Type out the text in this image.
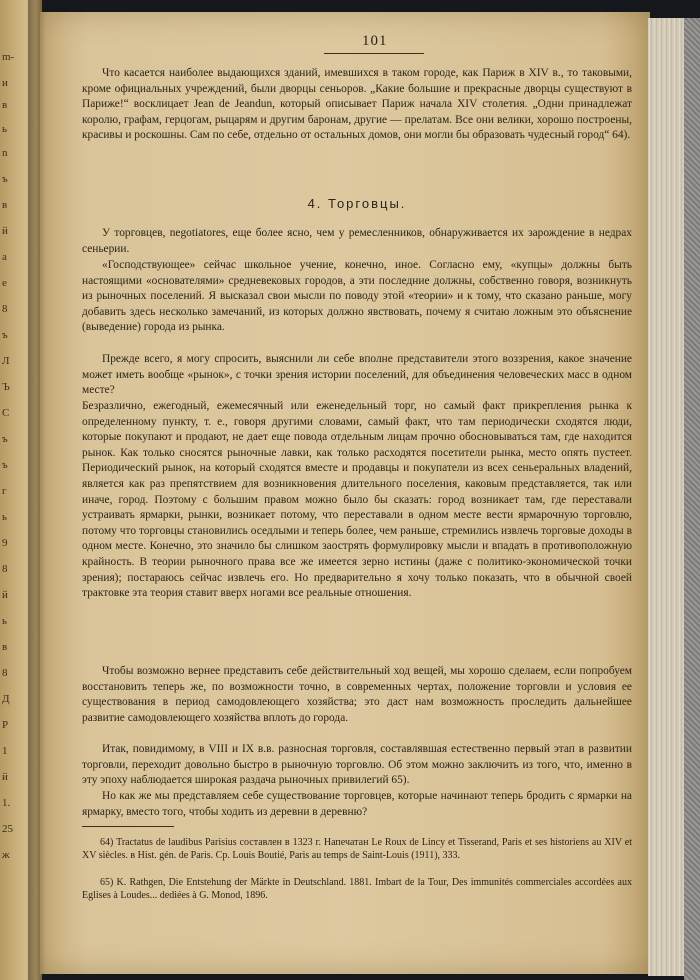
m-
и
в
ь
n
ъ
в
й
а
е
8
ъ
Л
Ъ
C
ъ
ъ
г
ь
9
8
й
ь
в
8
Д
Р
1
й
1.
25
ж
101

Что касается наиболее выдающихся зданий, имевшихся в таком городе, как Париж в XIV в., то таковыми, кроме официальных учреждений, были дворцы сеньоров. „Какие большие и прекрасные дворцы существуют в Париже!“ восклицает Jean de Jeandun, который описывает Париж начала XIV столетия. „Одни принадлежат королю, графам, герцогам, рыцарям и другим баронам, другие — прелатам. Все они велики, хорошо построены, красивы и роскошны. Сам по себе, отдельно от остальных домов, они могли бы образовать чудесный город“ 64).

4. Торговцы.

У торговцев, negotiatores, еще более ясно, чем у ремесленников, обнаруживается их зарождение в недрах сеньерии.

«Господствующее» сейчас школьное учение, конечно, иное. Согласно ему, «купцы» должны быть настоящими «основателями» средневековых городов, а эти последние должны, собственно говоря, возникнуть из рыночных поселений. Я высказал свои мысли по поводу этой «теории» и к тому, что сказано раньше, могу добавить здесь несколько замечаний, из которых должно явствовать, почему я считаю ложным это объяснение (выведение) города из рынка.

Прежде всего, я могу спросить, выяснили ли себе вполне представители этого воззрения, какое значение может иметь вообще «рынок», с точки зрения истории поселений, для объединения человеческих масс в одном месте?

Безразлично, ежегодный, ежемесячный или еженедельный торг, но самый факт прикрепления рынка к определенному пункту, т. е., говоря другими словами, самый факт, что там периодически сходятся люди, которые покупают и продают, не дает еще повода отдельным лицам прочно обосновываться там, где находится рынок. Как только сносятся рыночные лавки, как только расходятся посетители рынка, место опять пустеет. Периодический рынок, на который сходятся вместе и продавцы и покупатели из всех сеньеральных владений, является как раз препятствием для возникновения длительного поселения, каковым представляется, так или иначе, город. Поэтому с большим правом можно было бы сказать: город возникает там, где переставали устраивать ярмарки, рынки, возникает потому, что переставали в одном месте вести ярмарочную торговлю, потому что торговцы становились оседлыми и теперь более, чем раньше, стремились извлечь торговые доходы в одном месте. Конечно, это значило бы слишком заострять формулировку мысли и впадать в противоположную крайность. В теории рыночного права все же имеется зерно истины (даже с политико-экономической точки зрения); постараюсь сейчас извлечь его. Но предварительно я хочу только показать, что в обычной своей трактовке эта теория ставит вверх ногами все реальные отношения.

Чтобы возможно вернее представить себе действительный ход вещей, мы хорошо сделаем, если попробуем восстановить теперь же, по возможности точно, в современных чертах, положение торговли и условия ее существования в период самодовлеющего хозяйства; это даст нам возможность проследить дальнейшее развитие самодовлеющего хозяйства вплоть до города.

Итак, повидимому, в VIII и IX в.в. разносная торговля, составлявшая естественно первый этап в развитии торговли, переходит довольно быстро в рыночную торговлю. Об этом можно заключить из того, что, именно в эту эпоху наблюдается широкая раздача рыночных привилегий 65).

Но как же мы представляем себе существование торговцев, которые начинают теперь бродить с ярмарки на ярмарку, вместо того, чтобы ходить из деревни в деревню?

64) Tractatus de laudibus Parisius составлен в 1323 г. Напечатан Le Roux de Lincy et Tisserand, Paris et ses historiens au XIV et XV siècles. в Hist. gén. de Paris. Cp. Louis Boutié, Paris au temps de Saint-Louis (1911), 333.

65) K. Rathgen, Die Entstehung der Märkte in Deutschland. 1881. Imbart de la Tour, Des immunités commerciales accordées aux Eglises à Loudes... dediées à G. Monod, 1896.
